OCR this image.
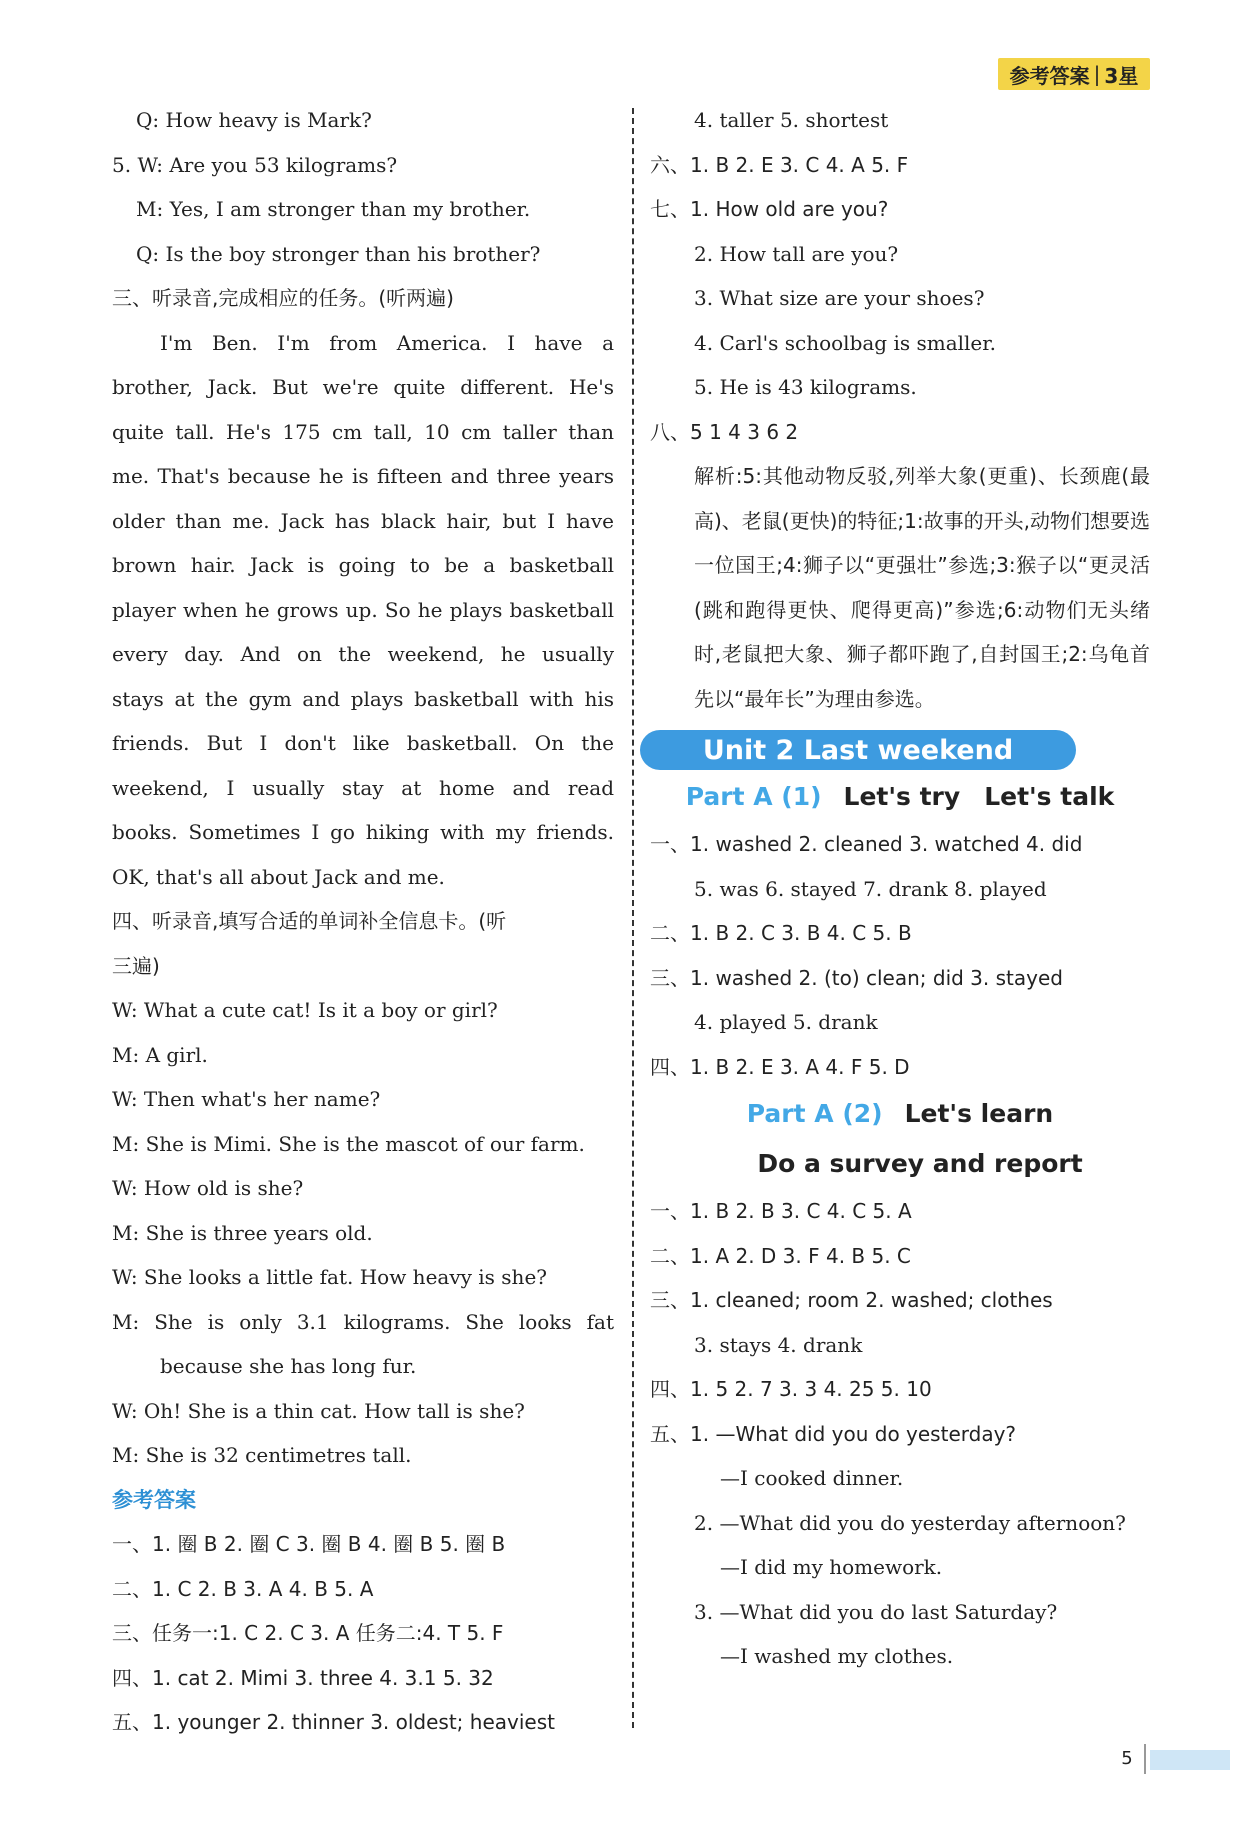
参考答案 | 3星
Q: How heavy is Mark?
5. W: Are you 53 kilograms?
M: Yes, I am stronger than my brother.
Q: Is the boy stronger than his brother?
三、听录音,完成相应的任务。(听两遍)
I'm Ben. I'm from America. I have a
brother, Jack. But we're quite different. He's
quite tall. He's 175 cm tall, 10 cm taller than
me. That's because he is fifteen and three years
older than me. Jack has black hair, but I have
brown hair. Jack is going to be a basketball
player when he grows up. So he plays basketball
every day. And on the weekend, he usually
stays at the gym and plays basketball with his
friends. But I don't like basketball. On the
weekend, I usually stay at home and read
books. Sometimes I go hiking with my friends.
OK, that's all about Jack and me.
四、听录音,填写合适的单词补全信息卡。(听
三遍)
W: What a cute cat! Is it a boy or girl?
M: A girl.
W: Then what's her name?
M: She is Mimi. She is the mascot of our farm.
W: How old is she?
M: She is three years old.
W: She looks a little fat. How heavy is she?
M: She is only 3.1 kilograms. She looks fat
because she has long fur.
W: Oh! She is a thin cat. How tall is she?
M: She is 32 centimetres tall.
参考答案
一、1. 圈 B 2. 圈 C 3. 圈 B 4. 圈 B 5. 圈 B
二、1. C 2. B 3. A 4. B 5. A
三、任务一:1. C 2. C 3. A 任务二:4. T 5. F
四、1. cat 2. Mimi 3. three 4. 3.1 5. 32
五、1. younger 2. thinner 3. oldest; heaviest
4. taller 5. shortest
六、1. B 2. E 3. C 4. A 5. F
七、1. How old are you?
2. How tall are you?
3. What size are your shoes?
4. Carl's schoolbag is smaller.
5. He is 43 kilograms.
八、5 1 4 3 6 2
解析:5:其他动物反驳,列举大象(更重)、长颈鹿(最高)、老鼠(更快)的特征;1:故事的开头,动物们想要选一位国王;4:狮子以“更强壮”参选;3:猴子以“更灵活(跳和跑得更快、爬得更高)”参选;6:动物们无头绪时,老鼠把大象、狮子都吓跑了,自封国王;2:乌龟首先以“最年长”为理由参选。
Unit 2 Last weekend
Part A (1) Let's try Let's talk
一、1. washed 2. cleaned 3. watched 4. did
5. was 6. stayed 7. drank 8. played
二、1. B 2. C 3. B 4. C 5. B
三、1. washed 2. (to) clean; did 3. stayed
4. played 5. drank
四、1. B 2. E 3. A 4. F 5. D
Part A (2) Let's learn
Do a survey and report
一、1. B 2. B 3. C 4. C 5. A
二、1. A 2. D 3. F 4. B 5. C
三、1. cleaned; room 2. washed; clothes
3. stays 4. drank
四、1. 5 2. 7 3. 3 4. 25 5. 10
五、1. —What did you do yesterday?
—I cooked dinner.
2. —What did you do yesterday afternoon?
—I did my homework.
3. —What did you do last Saturday?
—I washed my clothes.
5
